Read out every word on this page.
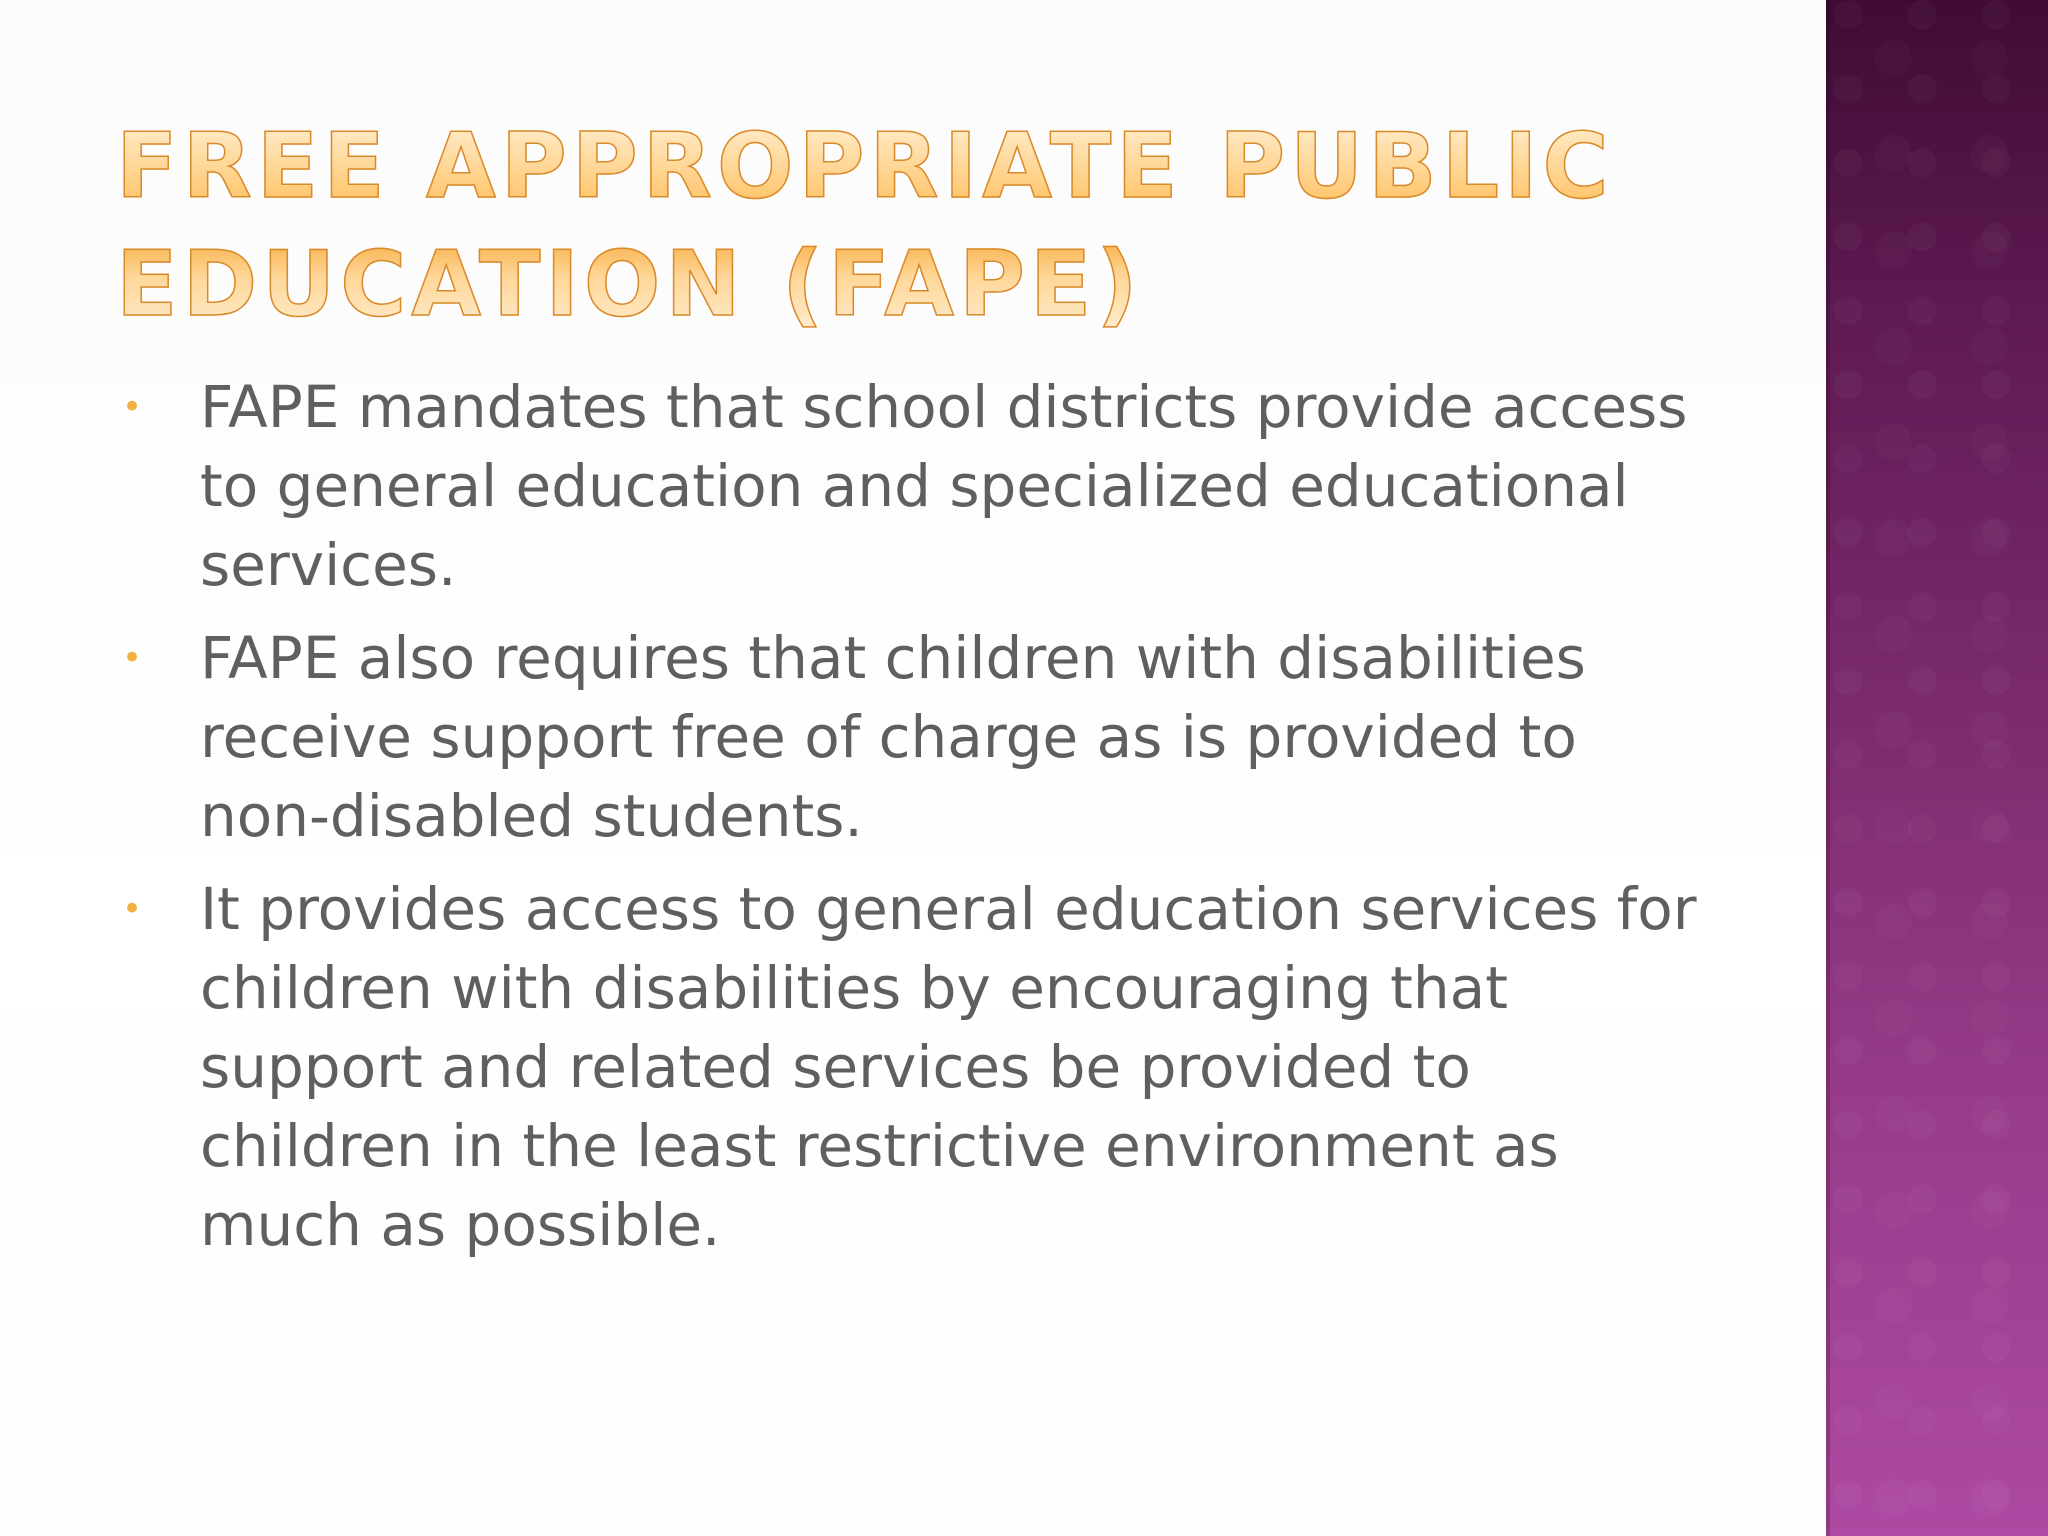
FREE APPROPRIATE PUBLIC
EDUCATION (FAPE)
• FAPE mandates that school districts provide access to general education and specialized educational services.
• FAPE also requires that children with disabilities receive support free of charge as is provided to non-disabled students.
• It provides access to general education services for children with disabilities by encouraging that support and related services be provided to children in the least restrictive environment as much as possible.
